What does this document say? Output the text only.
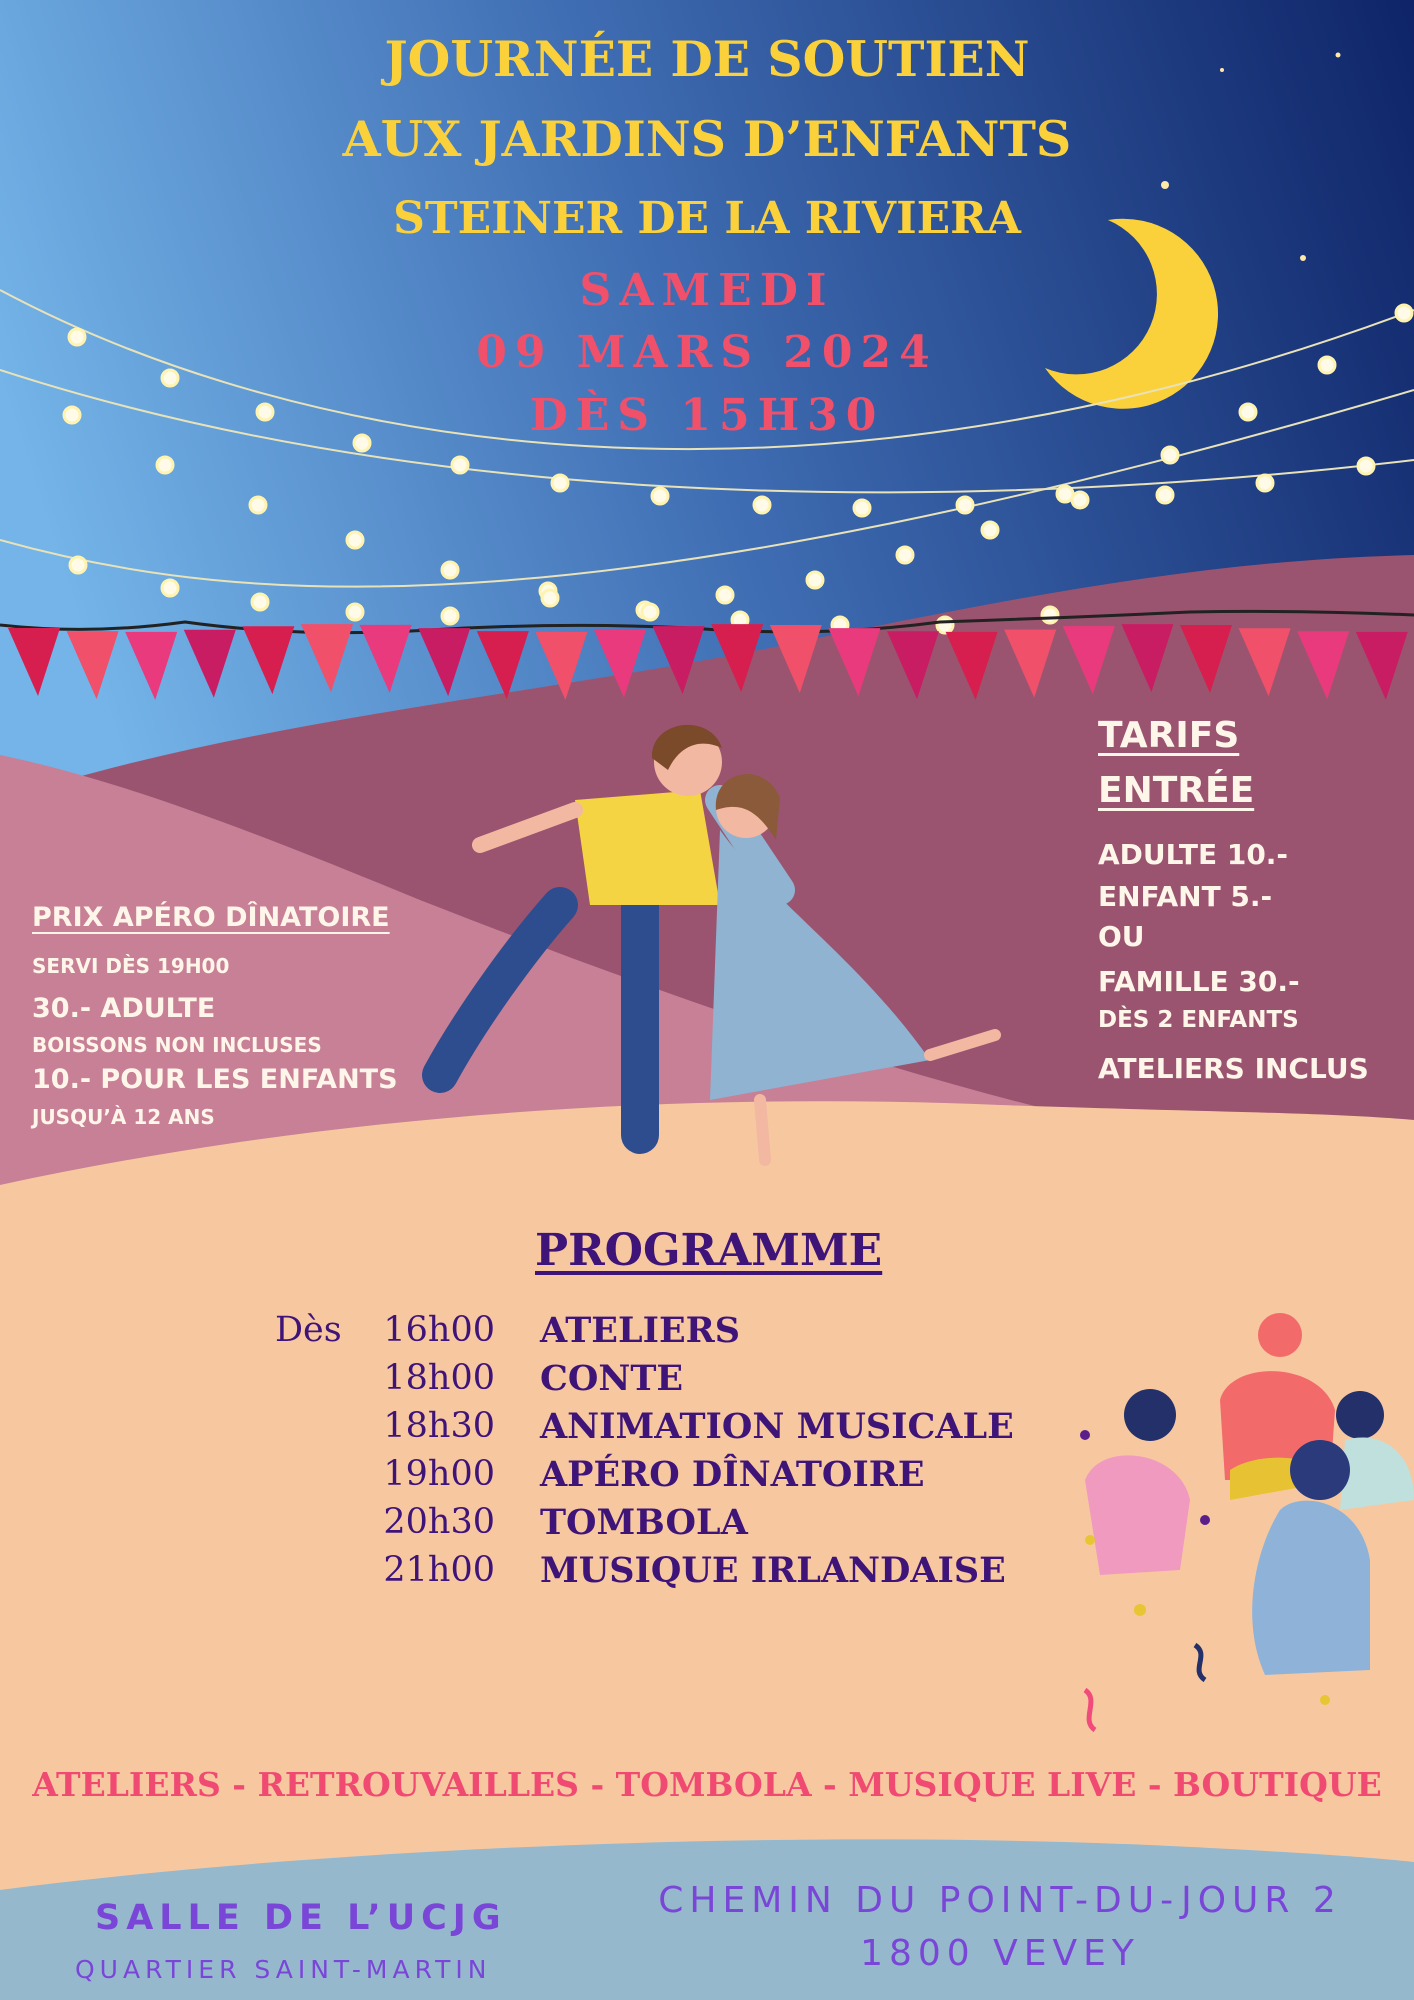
JOURNÉE DE SOUTIEN

AUX JARDINS D’ENFANTS

STEINER DE LA RIVIERA

SAMEDI

09 MARS 2024

DÈS 15H30

TARIFS

ENTRÉE

ADULTE 10.-

ENFANT 5.-

OU

FAMILLE 30.-

DÈS 2 ENFANTS

ATELIERS INCLUS

PRIX APÉRO DÎNATOIRE

SERVI DÈS 19H00

30.- ADULTE

BOISSONS NON INCLUSES

10.- POUR LES ENFANTS

JUSQU’À 12 ANS

PROGRAMME

Dès	16h00 ATELIERS

18h00 CONTE

18h30 ANIMATION MUSICALE

19h00 APÉRO DÎNATOIRE

20h30 TOMBOLA

21h00 MUSIQUE IRLANDAISE

ATELIERS - RETROUVAILLES - TOMBOLA - MUSIQUE LIVE - BOUTIQUE

SALLE DE L’UCJG

QUARTIER SAINT-MARTIN

CHEMIN DU POINT-DU-JOUR 2

1800 VEVEY
